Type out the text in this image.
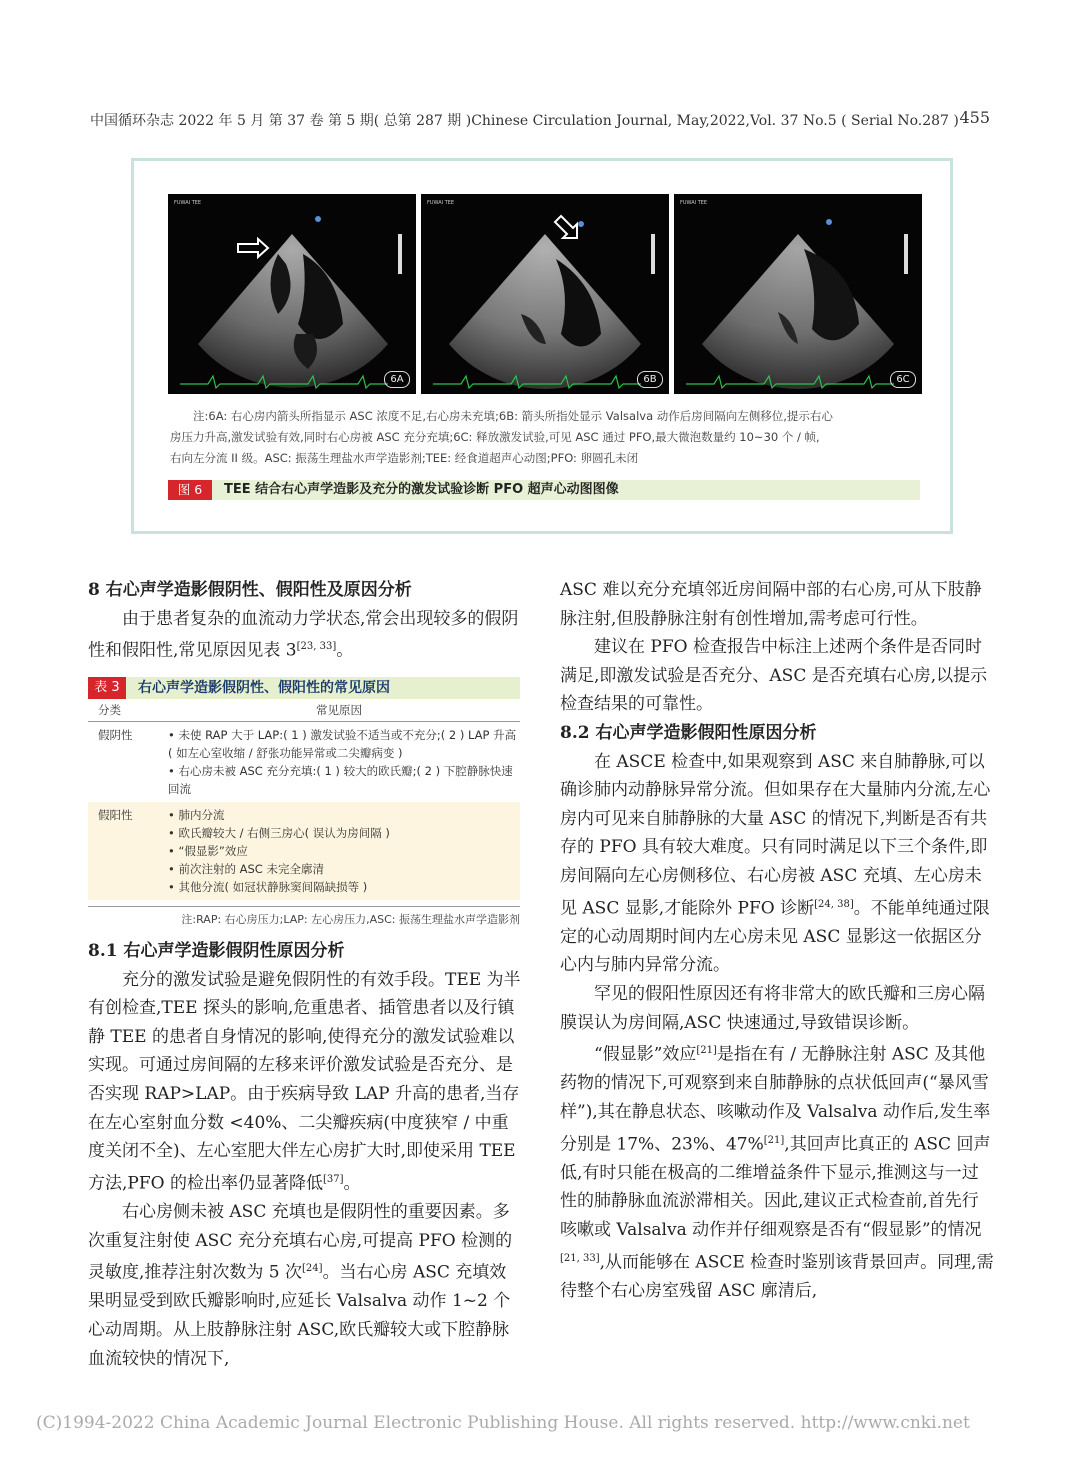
中国循环杂志 2022 年 5 月 第 37 卷 第 5 期( 总第 287 期 )Chinese Circulation Journal, May,2022,Vol. 37 No.5 ( Serial No.287 ) 455
FUWAI TEE
6A
FUWAI TEE
6B
FUWAI TEE
6C
注:6A: 右心房内箭头所指显示 ASC 浓度不足,右心房未充填;6B: 箭头所指处显示 Valsalva 动作后房间隔向左侧移位,提示右心
房压力升高,激发试验有效,同时右心房被 ASC 充分充填;6C: 释放激发试验,可见 ASC 通过 PFO,最大微泡数量约 10~30 个 / 帧,
右向左分流 II 级。ASC: 振荡生理盐水声学造影剂;TEE: 经食道超声心动图;PFO: 卵圆孔未闭
图 6	TEE 结合右心声学造影及充分的激发试验诊断 PFO 超声心动图图像

8 右心声学造影假阴性、假阳性及原因分析

由于患者复杂的血流动力学状态,常会出现较多的假阴性和假阳性,常见原因见表 3[23, 33]。

表 3	右心声学造影假阴性、假阳性的常见原因
分类	常见原因
假阴性	• 未使 RAP 大于 LAP:( 1 ) 激发试验不适当或不充分;( 2 ) LAP 升高( 如左心室收缩 / 舒张功能异常或二尖瓣病变 )
• 右心房未被 ASC 充分充填:( 1 ) 较大的欧氏瓣;( 2 ) 下腔静脉快速回流
假阳性	• 肺内分流
• 欧氏瓣较大 / 右侧三房心( 误认为房间隔 )
• “假显影”效应
• 前次注射的 ASC 未完全廓清
• 其他分流( 如冠状静脉窦间隔缺损等 )
注:RAP: 右心房压力;LAP: 左心房压力,ASC: 振荡生理盐水声学造影剂

8.1 右心声学造影假阴性原因分析

充分的激发试验是避免假阴性的有效手段。TEE 为半有创检查,TEE 探头的影响,危重患者、插管患者以及行镇静 TEE 的患者自身情况的影响,使得充分的激发试验难以实现。可通过房间隔的左移来评价激发试验是否充分、是否实现 RAP>LAP。由于疾病导致 LAP 升高的患者,当存在左心室射血分数 <40%、二尖瓣疾病(中度狭窄 / 中重度关闭不全)、左心室肥大伴左心房扩大时,即使采用 TEE 方法,PFO 的检出率仍显著降低[37]。

右心房侧未被 ASC 充填也是假阴性的重要因素。多次重复注射使 ASC 充分充填右心房,可提高 PFO 检测的灵敏度,推荐注射次数为 5 次[24]。当右心房 ASC 充填效果明显受到欧氏瓣影响时,应延长 Valsalva 动作 1~2 个心动周期。从上肢静脉注射 ASC,欧氏瓣较大或下腔静脉血流较快的情况下,

ASC 难以充分充填邻近房间隔中部的右心房,可从下肢静脉注射,但股静脉注射有创性增加,需考虑可行性。

建议在 PFO 检查报告中标注上述两个条件是否同时满足,即激发试验是否充分、ASC 是否充填右心房,以提示检查结果的可靠性。

8.2 右心声学造影假阳性原因分析

在 ASCE 检查中,如果观察到 ASC 来自肺静脉,可以确诊肺内动静脉异常分流。但如果存在大量肺内分流,左心房内可见来自肺静脉的大量 ASC 的情况下,判断是否有共存的 PFO 具有较大难度。只有同时满足以下三个条件,即房间隔向左心房侧移位、右心房被 ASC 充填、左心房未见 ASC 显影,才能除外 PFO 诊断[24, 38]。不能单纯通过限定的心动周期时间内左心房未见 ASC 显影这一依据区分心内与肺内异常分流。

罕见的假阳性原因还有将非常大的欧氏瓣和三房心隔膜误认为房间隔,ASC 快速通过,导致错误诊断。

“假显影”效应[21]是指在有 / 无静脉注射 ASC 及其他药物的情况下,可观察到来自肺静脉的点状低回声(“暴风雪样”),其在静息状态、咳嗽动作及 Valsalva 动作后,发生率分别是 17%、23%、47%[21],其回声比真正的 ASC 回声低,有时只能在极高的二维增益条件下显示,推测这与一过性的肺静脉血流淤滞相关。因此,建议正式检查前,首先行咳嗽或 Valsalva 动作并仔细观察是否有“假显影”的情况[21, 33],从而能够在 ASCE 检查时鉴别该背景回声。同理,需待整个右心房室残留 ASC 廓清后,

(C)1994-2022 China Academic Journal Electronic Publishing House. All rights reserved. http://www.cnki.net
